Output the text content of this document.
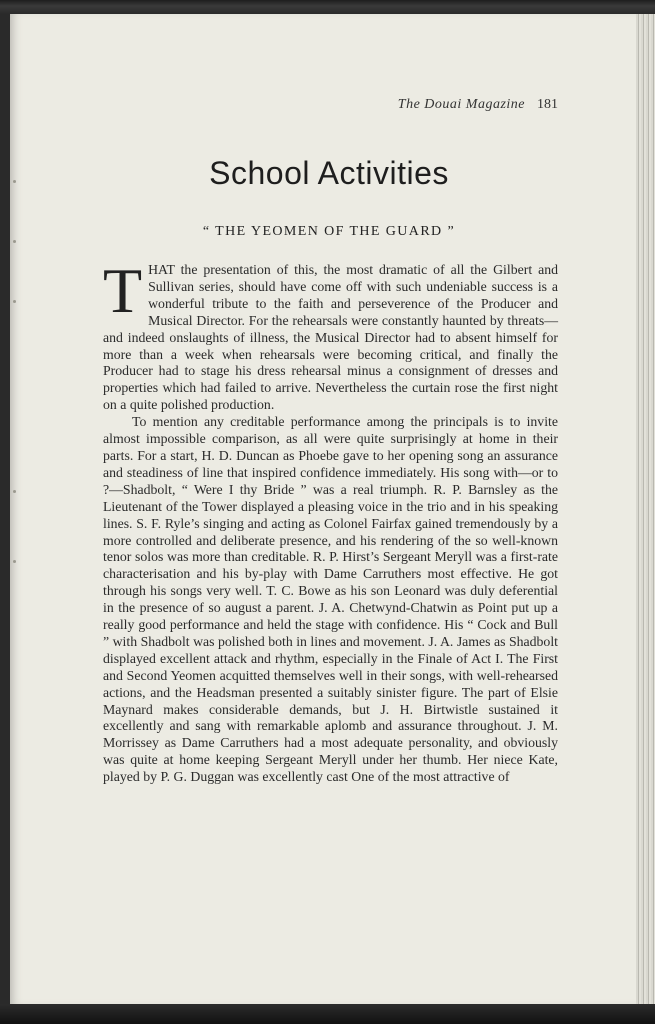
The Douai Magazine 181
School Activities
“ THE YEOMEN OF THE GUARD ”

THAT the presentation of this, the most dramatic of all the Gilbert and Sullivan series, should have come off with such undeniable success is a wonderful tribute to the faith and perseverence of the Producer and Musical Director. For the rehearsals were constantly haunted by threats—and indeed onslaughts of illness, the Musical Director had to absent himself for more than a week when rehearsals were becoming critical, and finally the Producer had to stage his dress rehearsal minus a consignment of dresses and properties which had failed to arrive. Nevertheless the curtain rose the first night on a quite polished production.

To mention any creditable performance among the principals is to invite almost impossible comparison, as all were quite surprisingly at home in their parts. For a start, H. D. Duncan as Phoebe gave to her opening song an assurance and steadiness of line that inspired confidence immediately. His song with—or to ?—Shadbolt, “ Were I thy Bride ” was a real triumph. R. P. Barnsley as the Lieutenant of the Tower displayed a pleasing voice in the trio and in his speaking lines. S. F. Ryle’s singing and acting as Colonel Fairfax gained tremendously by a more controlled and deliberate presence, and his rendering of the so well-known tenor solos was more than creditable. R. P. Hirst’s Sergeant Meryll was a first-rate characterisation and his by-play with Dame Carruthers most effective. He got through his songs very well. T. C. Bowe as his son Leonard was duly deferential in the presence of so august a parent. J. A. Chetwynd-Chatwin as Point put up a really good performance and held the stage with confidence. His “ Cock and Bull ” with Shadbolt was polished both in lines and movement. J. A. James as Shadbolt displayed excellent attack and rhythm, especially in the Finale of Act I. The First and Second Yeomen acquitted themselves well in their songs, with well-rehearsed actions, and the Headsman presented a suitably sinister figure. The part of Elsie Maynard makes considerable demands, but J. H. Birtwistle sustained it excellently and sang with remarkable aplomb and assurance throughout. J. M. Morrissey as Dame Carruthers had a most adequate personality, and obviously was quite at home keeping Sergeant Meryll under her thumb. Her niece Kate, played by P. G. Duggan was excellently cast One of the most attractive of
